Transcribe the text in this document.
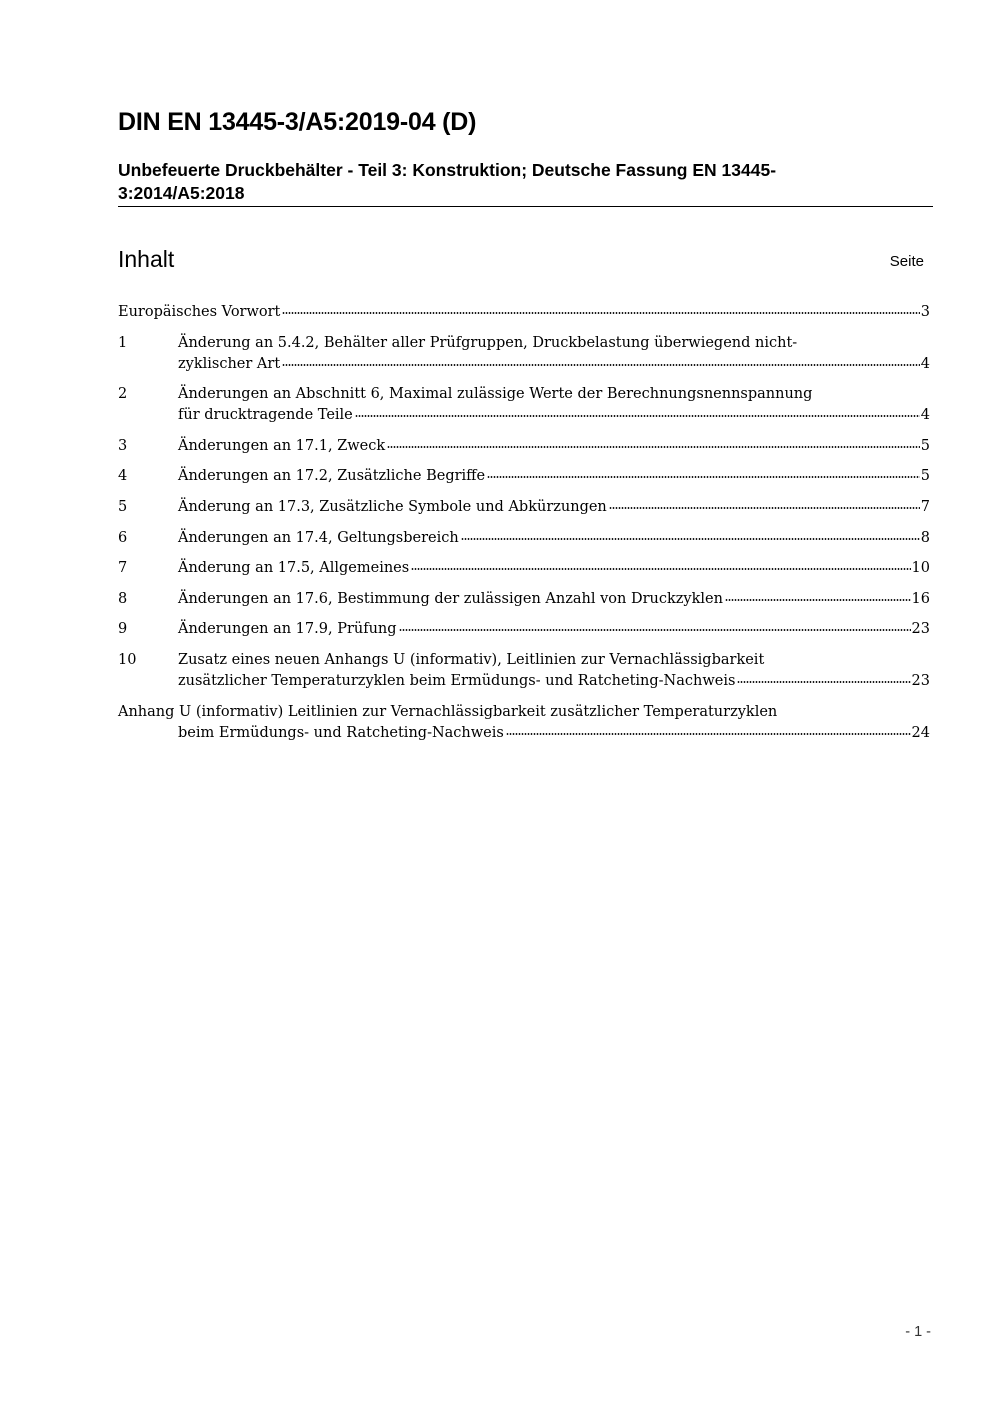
DIN EN 13445-3/A5:2019-04 (D)
Unbefeuerte Druckbehälter - Teil 3: Konstruktion; Deutsche Fassung EN 13445-
3:2014/A5:2018
Inhalt	Seite
Europäisches Vorwort	3
1	Änderung an 5.4.2, Behälter aller Prüfgruppen, Druckbelastung überwiegend nicht-
zyklischer Art	4
2	Änderungen an Abschnitt 6, Maximal zulässige Werte der Berechnungsnennspannung
für drucktragende Teile	4
3	Änderungen an 17.1, Zweck	5
4	Änderungen an 17.2, Zusätzliche Begriffe	5
5	Änderung an 17.3, Zusätzliche Symbole und Abkürzungen	7
6	Änderungen an 17.4, Geltungsbereich	8
7	Änderung an 17.5, Allgemeines	10
8	Änderungen an 17.6, Bestimmung der zulässigen Anzahl von Druckzyklen	16
9	Änderungen an 17.9, Prüfung	23
10	Zusatz eines neuen Anhangs U (informativ), Leitlinien zur Vernachlässigbarkeit
zusätzlicher Temperaturzyklen beim Ermüdungs- und Ratcheting-Nachweis	23
Anhang U (informativ) Leitlinien zur Vernachlässigbarkeit zusätzlicher Temperaturzyklen
beim Ermüdungs- und Ratcheting-Nachweis	24
- 1 -
